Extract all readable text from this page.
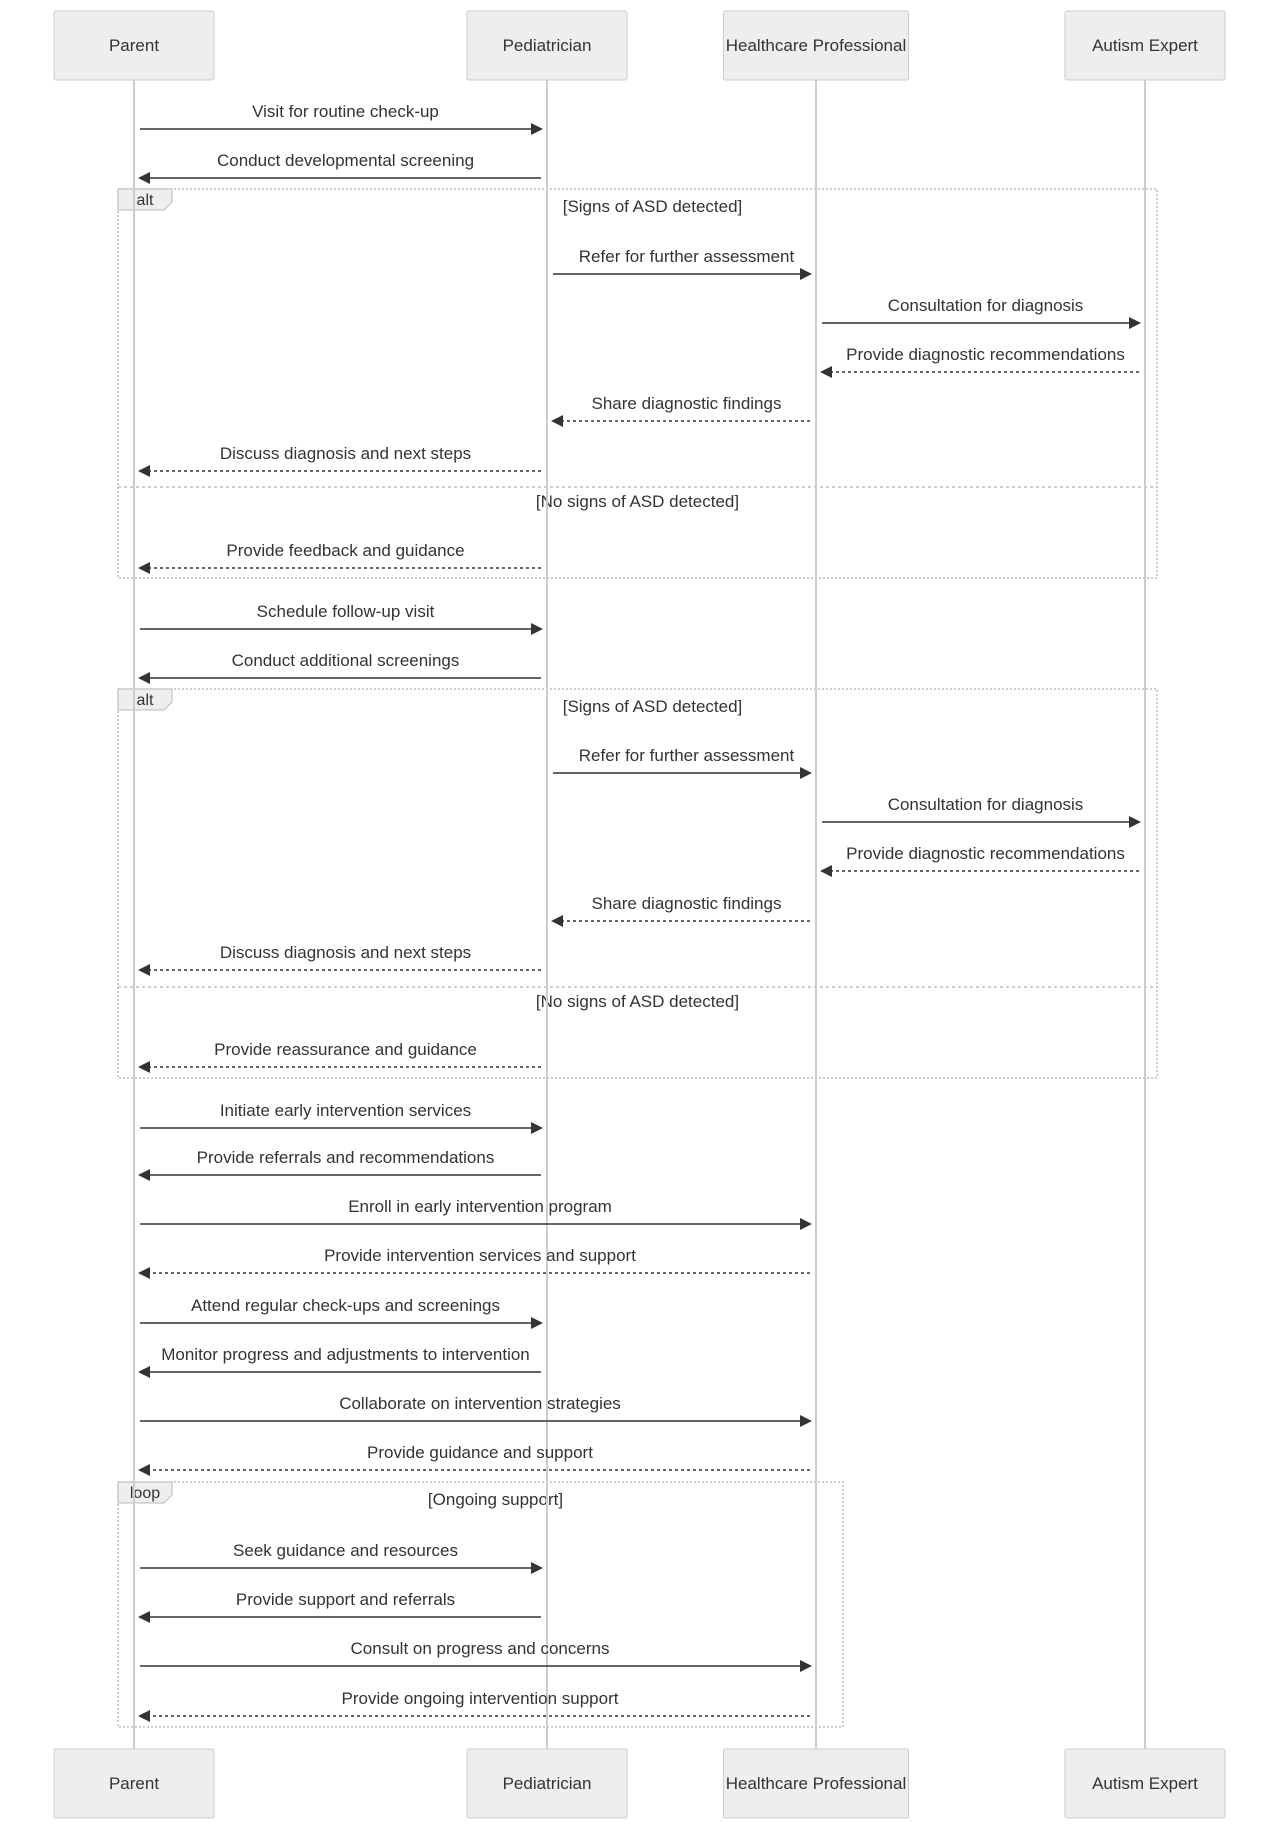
alt	[Signs of ASD detected]
[No signs of ASD detected]
alt	[Signs of ASD detected]
[No signs of ASD detected]
loop	[Ongoing support]
Visit for routine check-up
Conduct developmental screening
Refer for further assessment
Consultation for diagnosis
Provide diagnostic recommendations
Share diagnostic findings
Discuss diagnosis and next steps
Provide feedback and guidance
Schedule follow-up visit
Conduct additional screenings
Refer for further assessment
Consultation for diagnosis
Provide diagnostic recommendations
Share diagnostic findings
Discuss diagnosis and next steps
Provide reassurance and guidance
Initiate early intervention services
Provide referrals and recommendations
Enroll in early intervention program
Provide intervention services and support
Attend regular check-ups and screenings
Monitor progress and adjustments to intervention
Collaborate on intervention strategies
Provide guidance and support
Seek guidance and resources
Provide support and referrals
Consult on progress and concerns
Provide ongoing intervention support
Parent	Pediatrician	Healthcare Professional	Autism Expert
Parent	Pediatrician	Healthcare Professional	Autism Expert
